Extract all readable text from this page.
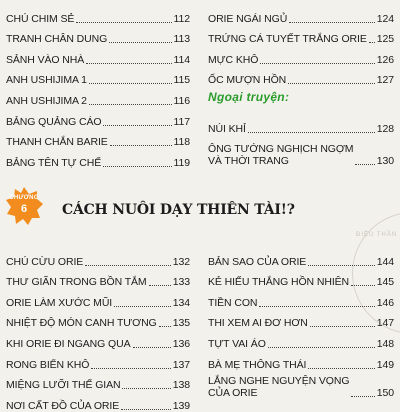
CHÚ CHIM SẺ	112
TRANH CHÂN DUNG	113
SẢNH VÀO NHÀ	114
ANH USHIJIMA 1	115
ANH USHIJIMA 2	116
BẢNG QUẢNG CÁO	117
THANH CHẮN BARIE	118
BẢNG TÊN TỰ CHẾ	119
ORIE NGÁI NGỦ	124
TRỨNG CÁ TUYẾT TRẮNG ORIE 125
MỰC KHÔ	126
ỐC MƯỢN HỒN	127
Ngoại truyện:
NÚI KHỈ	128
ÔNG TƯỚNG NGHỊCH NGỢM
VÀ THỜI TRANG	130
CHƯƠNG
6	CÁCH NUÔI DẠY THIÊN TÀI!?
ĐIỀU THẦN
CHÚ CỪU ORIE	132
THƯ GIÃN TRONG BỒN TẮM 133
ORIE LÀM XƯỚC MŨI	134
NHIỆT ĐỘ MÓN CANH TƯƠNG 135
KHI ORIE ĐI NGANG QUA	136
RONG BIỂN KHÔ	137
MIỆNG LƯỠI THẾ GIAN	138
NƠI CẤT ĐỒ CỦA ORIE	139
BẢN SAO CỦA ORIE	144
KẺ HIẾU THẮNG HỒN NHIÊN	145
TIỀN CON	146
THI XEM AI ĐƠ HƠN	147
TỰT VAI ÁO	148
BÀ MẸ THÔNG THÁI	149
LẮNG NGHE NGUYỆN VỌNG
CỦA ORIE	150
